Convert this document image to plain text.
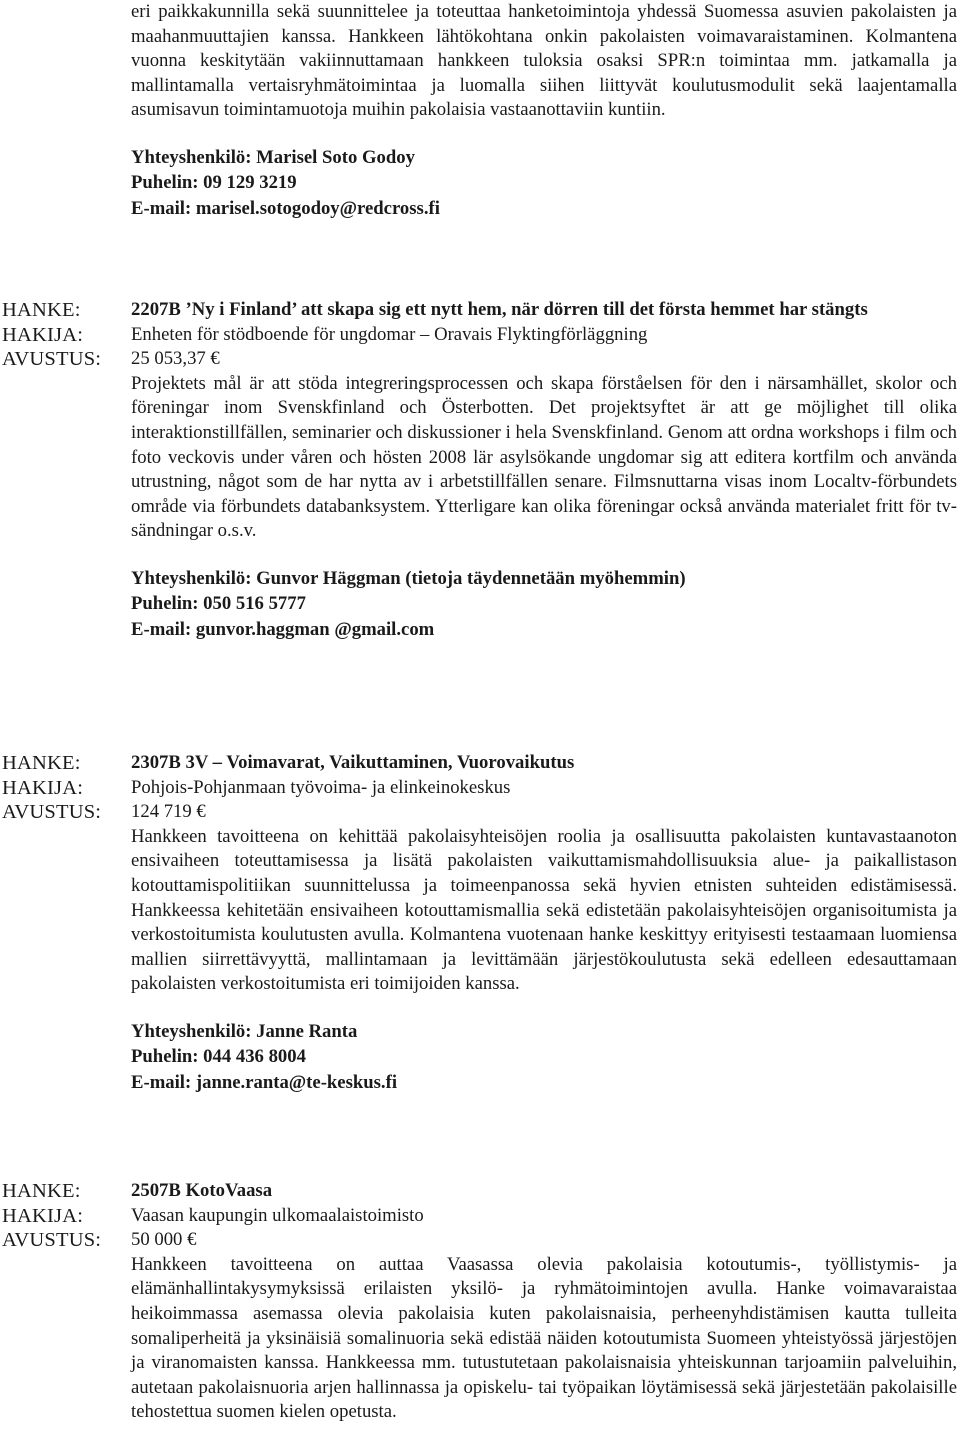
eri paikkakunnilla sekä suunnittelee ja toteuttaa hanketoimintoja yhdessä Suomessa asuvien pakolaisten ja maahanmuuttajien kanssa. Hankkeen lähtökohtana onkin pakolaisten voimavaraistaminen. Kolmantena vuonna keskitytään vakiinnuttamaan hankkeen tuloksia osaksi SPR:n toimintaa mm. jatkamalla ja mallintamalla vertaisryhmätoimintaa ja luomalla siihen liittyvät koulutusmodulit sekä laajentamalla asumisavun toimintamuotoja muihin pakolaisia vastaanottaviin kuntiin.

Yhteyshenkilö: Marisel Soto Godoy
Puhelin: 09 129 3219
E-mail: marisel.sotogodoy@redcross.fi
HANKE:	2207B ’Ny i Finland’ att skapa sig ett nytt hem, när dörren till det första hemmet har stängts
HAKIJA:	Enheten för stödboende för ungdomar – Oravais Flyktingförläggning
AVUSTUS: 25 053,37 €

Projektets mål är att stöda integreringsprocessen och skapa förståelsen för den i närsamhället, skolor och föreningar inom Svenskfinland och Österbotten. Det projektsyftet är att ge möjlighet till olika interaktionstillfällen, seminarier och diskussioner i hela Svenskfinland. Genom att ordna workshops i film och foto veckovis under våren och hösten 2008 lär asylsökande ungdomar sig att editera kortfilm och använda utrustning, något som de har nytta av i arbetstillfällen senare. Filmsnuttarna visas inom Localtv-förbundets område via förbundets databanksystem. Ytterligare kan olika föreningar också använda materialet fritt för tv-sändningar o.s.v.

Yhteyshenkilö: Gunvor Häggman (tietoja täydennetään myöhemmin)
Puhelin: 050 516 5777
E-mail: gunvor.haggman @gmail.com
HANKE:	2307B 3V – Voimavarat, Vaikuttaminen, Vuorovaikutus
HAKIJA:	Pohjois-Pohjanmaan työvoima- ja elinkeinokeskus
AVUSTUS: 124 719 €

Hankkeen tavoitteena on kehittää pakolaisyhteisöjen roolia ja osallisuutta pakolaisten kuntavastaanoton ensivaiheen toteuttamisessa ja lisätä pakolaisten vaikuttamismahdollisuuksia alue- ja paikallistason kotouttamispolitiikan suunnittelussa ja toimeenpanossa sekä hyvien etnisten suhteiden edistämisessä. Hankkeessa kehitetään ensivaiheen kotouttamismallia sekä edistetään pakolaisyhteisöjen organisoitumista ja verkostoitumista koulutusten avulla. Kolmantena vuotenaan hanke keskittyy erityisesti testaamaan luomiensa mallien siirrettävyyttä, mallintamaan ja levittämään järjestökoulutusta sekä edelleen edesauttamaan pakolaisten verkostoitumista eri toimijoiden kanssa.

Yhteyshenkilö: Janne Ranta
Puhelin: 044 436 8004
E-mail: janne.ranta@te-keskus.fi
HANKE:	2507B KotoVaasa
HAKIJA:	Vaasan kaupungin ulkomaalaistoimisto
AVUSTUS: 50 000 €

Hankkeen tavoitteena on auttaa Vaasassa olevia pakolaisia kotoutumis-, työllistymis- ja elämänhallintakysymyksissä erilaisten yksilö- ja ryhmätoimintojen avulla. Hanke voimavaraistaa heikoimmassa asemassa olevia pakolaisia kuten pakolaisnaisia, perheenyhdistämisen kautta tulleita somaliperheitä ja yksinäisiä somalinuoria sekä edistää näiden kotoutumista Suomeen yhteistyössä järjestöjen ja viranomaisten kanssa. Hankkeessa mm. tutustutetaan pakolaisnaisia yhteiskunnan tarjoamiin palveluihin, autetaan pakolaisnuoria arjen hallinnassa ja opiskelu- tai työpaikan löytämisessä sekä järjestetään pakolaisille tehostettua suomen kielen opetusta.
